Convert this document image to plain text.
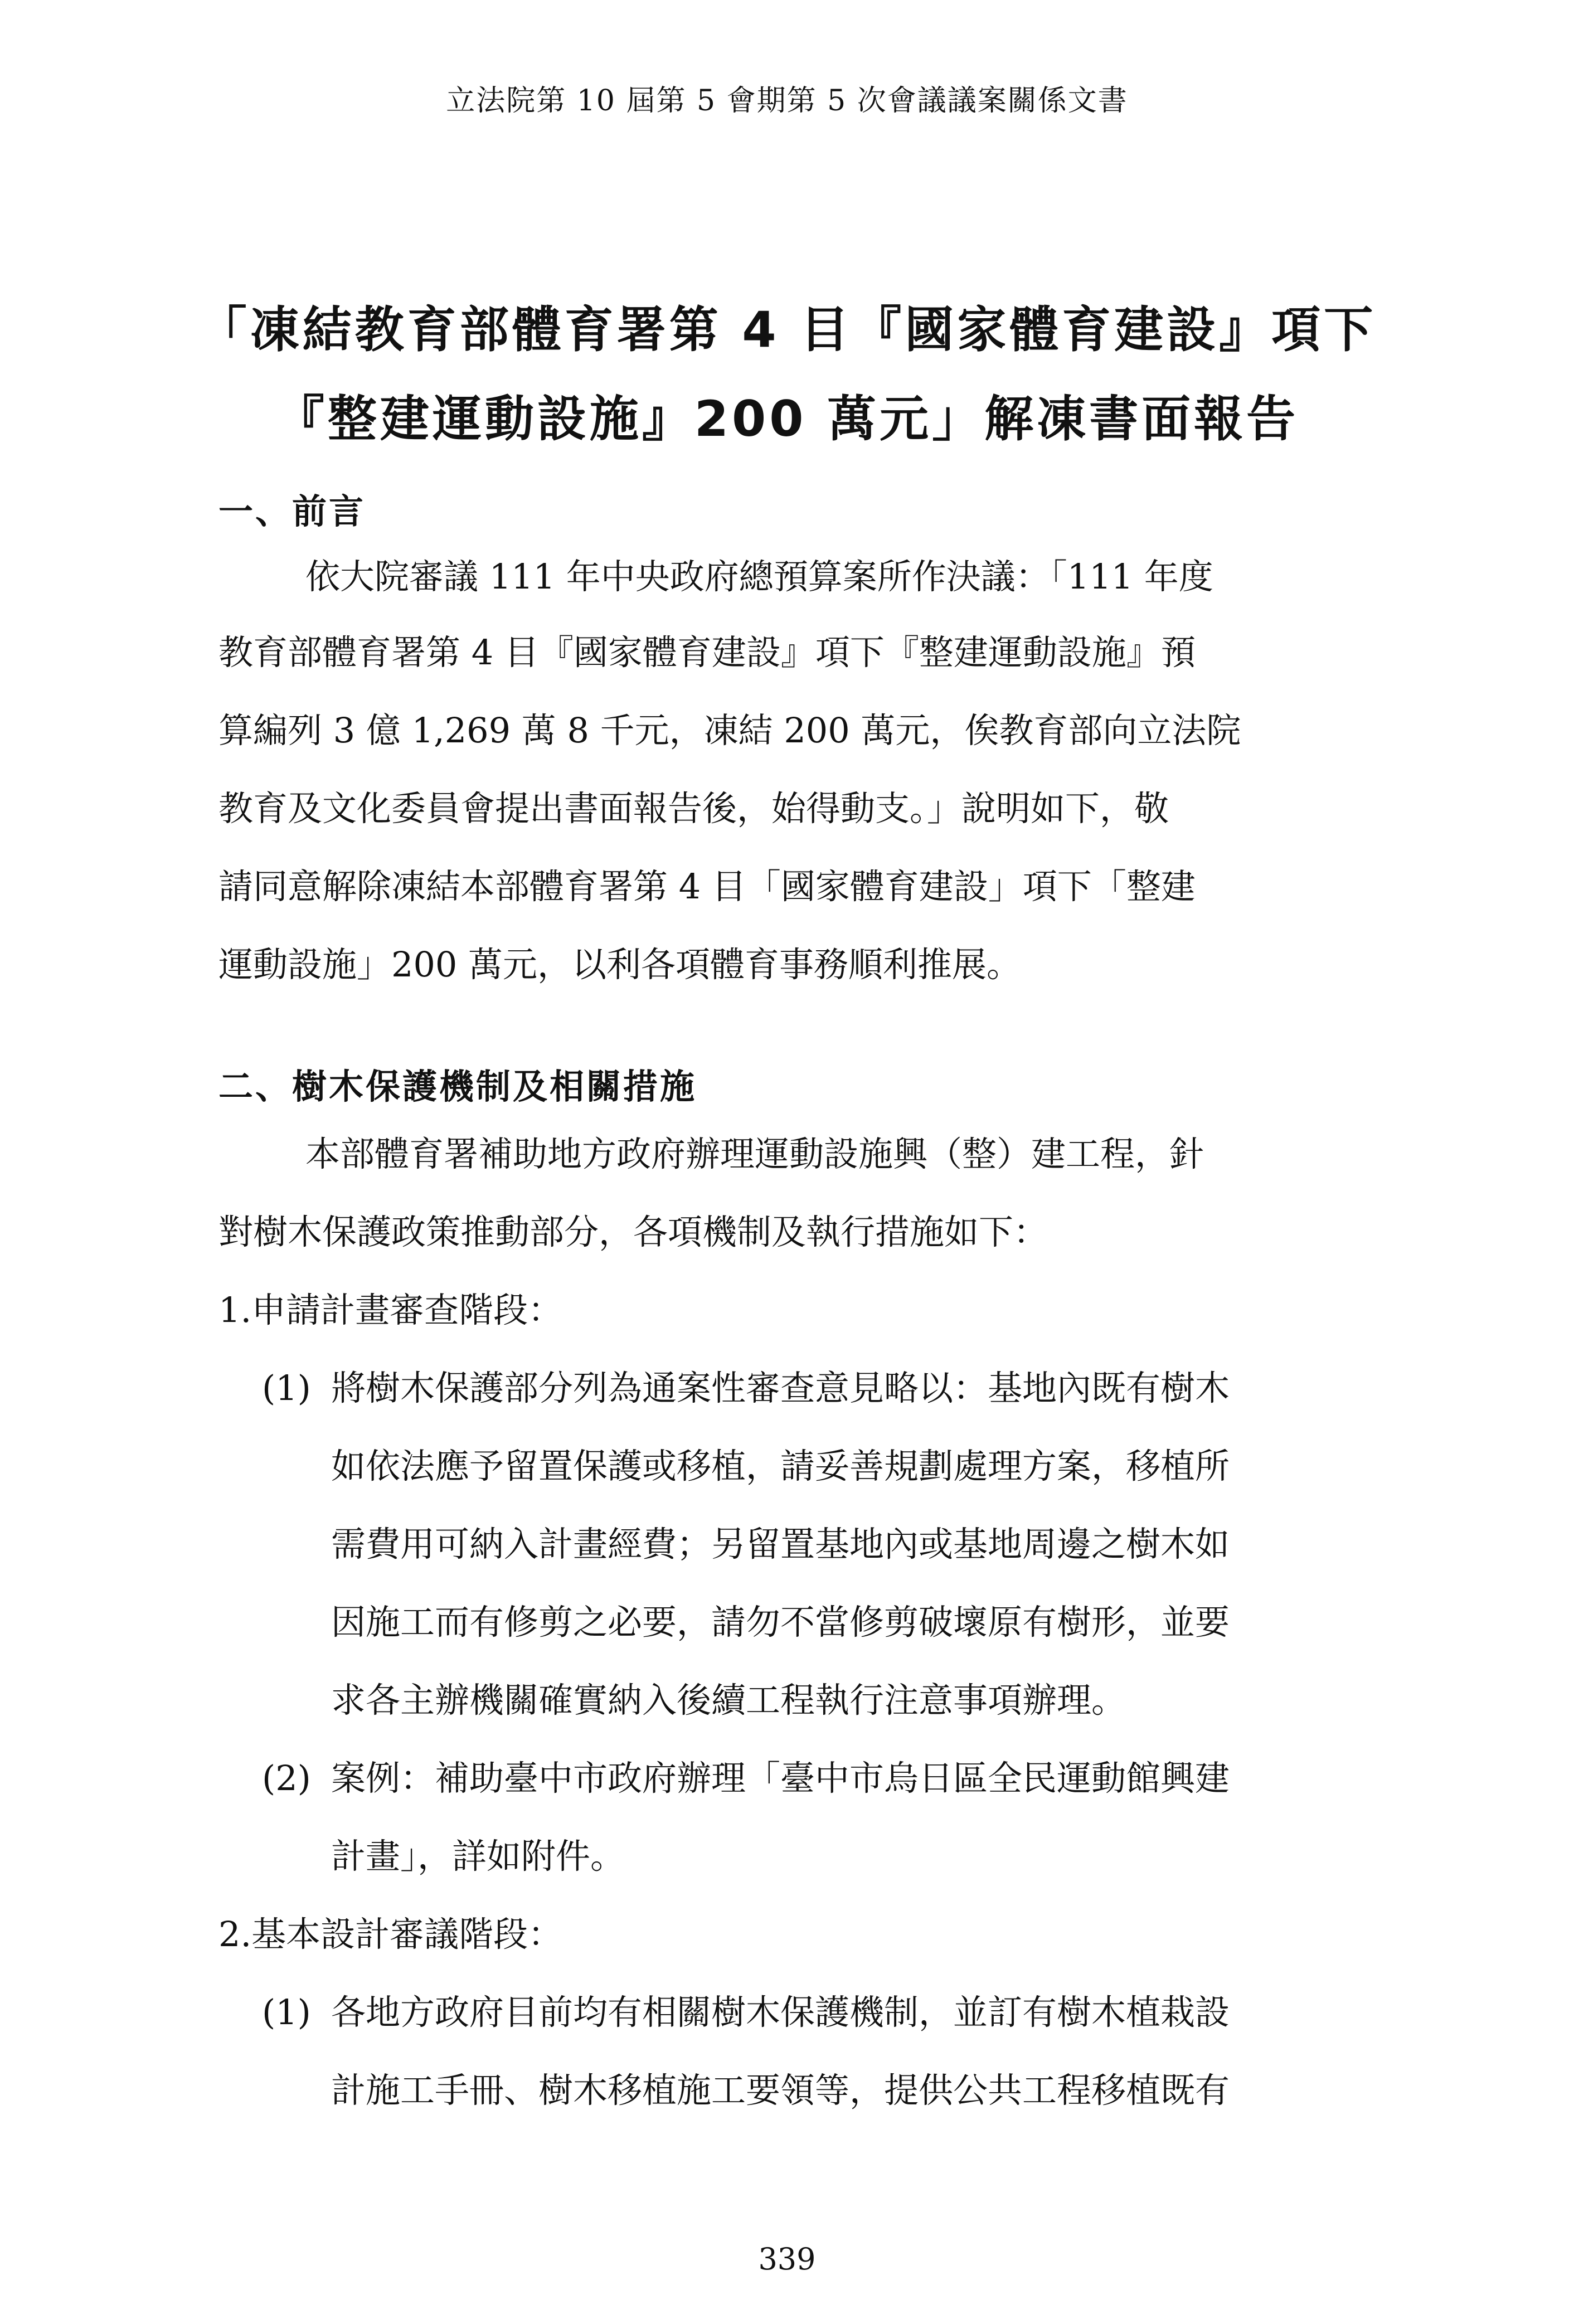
立法院第 10 屆第 5 會期第 5 次會議議案關係文書
「凍結教育部體育署第 4 目『國家體育建設』項下
『整建運動設施』200 萬元」解凍書面報告
一、前言
依大院審議 111 年中央政府總預算案所作決議：「111 年度
教育部體育署第 4 目『國家體育建設』項下『整建運動設施』預
算編列 3 億 1,269 萬 8 千元，凍結 200 萬元，俟教育部向立法院
教育及文化委員會提出書面報告後，始得動支。」說明如下，敬
請同意解除凍結本部體育署第 4 目「國家體育建設」項下「整建
運動設施」200 萬元，以利各項體育事務順利推展。
二、樹木保護機制及相關措施
本部體育署補助地方政府辦理運動設施興（整）建工程，針
對樹木保護政策推動部分，各項機制及執行措施如下：
1.申請計畫審查階段：
(1) 將樹木保護部分列為通案性審查意見略以：基地內既有樹木
如依法應予留置保護或移植，請妥善規劃處理方案，移植所
需費用可納入計畫經費；另留置基地內或基地周邊之樹木如
因施工而有修剪之必要，請勿不當修剪破壞原有樹形，並要
求各主辦機關確實納入後續工程執行注意事項辦理。
(2) 案例：補助臺中市政府辦理「臺中市烏日區全民運動館興建
計畫」，詳如附件。
2.基本設計審議階段：
(1) 各地方政府目前均有相關樹木保護機制，並訂有樹木植栽設
計施工手冊、樹木移植施工要領等，提供公共工程移植既有
339
